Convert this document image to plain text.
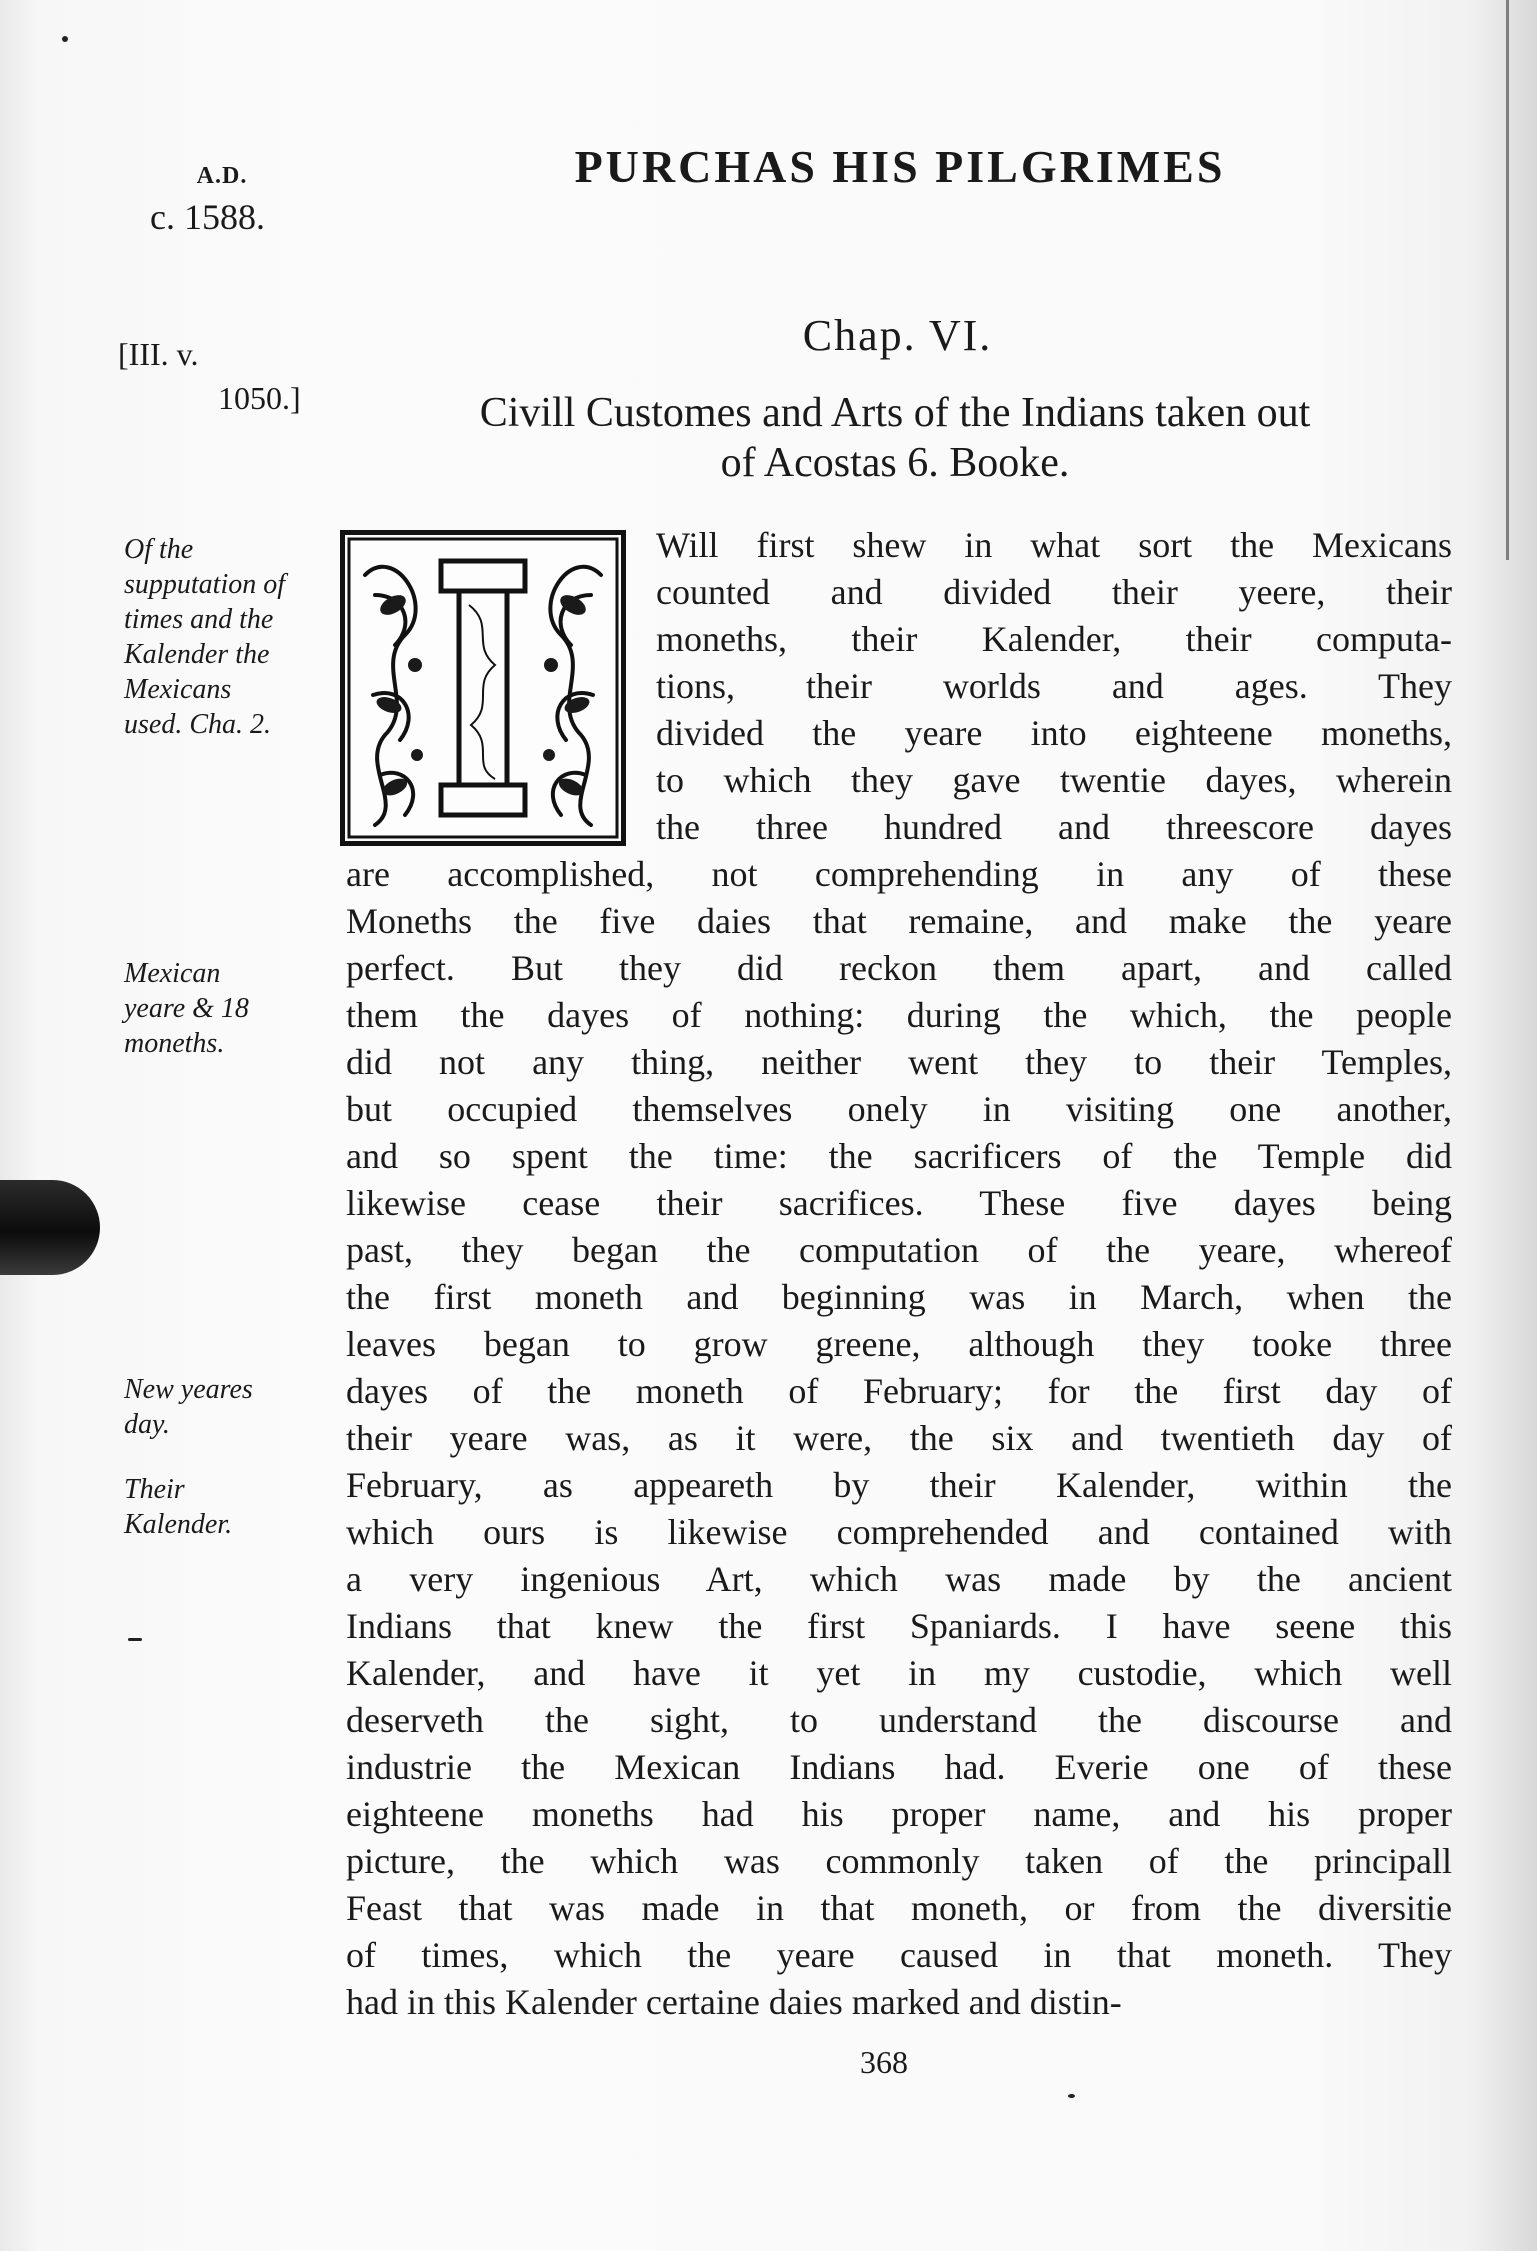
A.D.
c. 1588.
PURCHAS HIS PILGRIMES
[III. v.
1050.]
Chap. VI.
Civill Customes and Arts of the Indians taken out
of Acostas 6. Booke.
Of the
supputation of
times and the
Kalender the
Mexicans
used. Cha. 2.
Mexican
yeare & 18
moneths.
New yeares
day.
Their
Kalender.
Will first shew in what sort the Mexicans
counted and divided their yeere, their
moneths, their Kalender, their computa-
tions, their worlds and ages. They
divided the yeare into eighteene moneths,
to which they gave twentie dayes, wherein
the three hundred and threescore dayes
are accomplished, not comprehending in any of these
Moneths the five daies that remaine, and make the yeare
perfect. But they did reckon them apart, and called
them the dayes of nothing: during the which, the people
did not any thing, neither went they to their Temples,
but occupied themselves onely in visiting one another,
and so spent the time: the sacrificers of the Temple did
likewise cease their sacrifices. These five dayes being
past, they began the computation of the yeare, whereof
the first moneth and beginning was in March, when the
leaves began to grow greene, although they tooke three
dayes of the moneth of February; for the first day of
their yeare was, as it were, the six and twentieth day of
February, as appeareth by their Kalender, within the
which ours is likewise comprehended and contained with
a very ingenious Art, which was made by the ancient
Indians that knew the first Spaniards. I have seene this
Kalender, and have it yet in my custodie, which well
deserveth the sight, to understand the discourse and
industrie the Mexican Indians had. Everie one of these
eighteene moneths had his proper name, and his proper
picture, the which was commonly taken of the principall
Feast that was made in that moneth, or from the diversitie
of times, which the yeare caused in that moneth. They
had in this Kalender certaine daies marked and distin-
368
